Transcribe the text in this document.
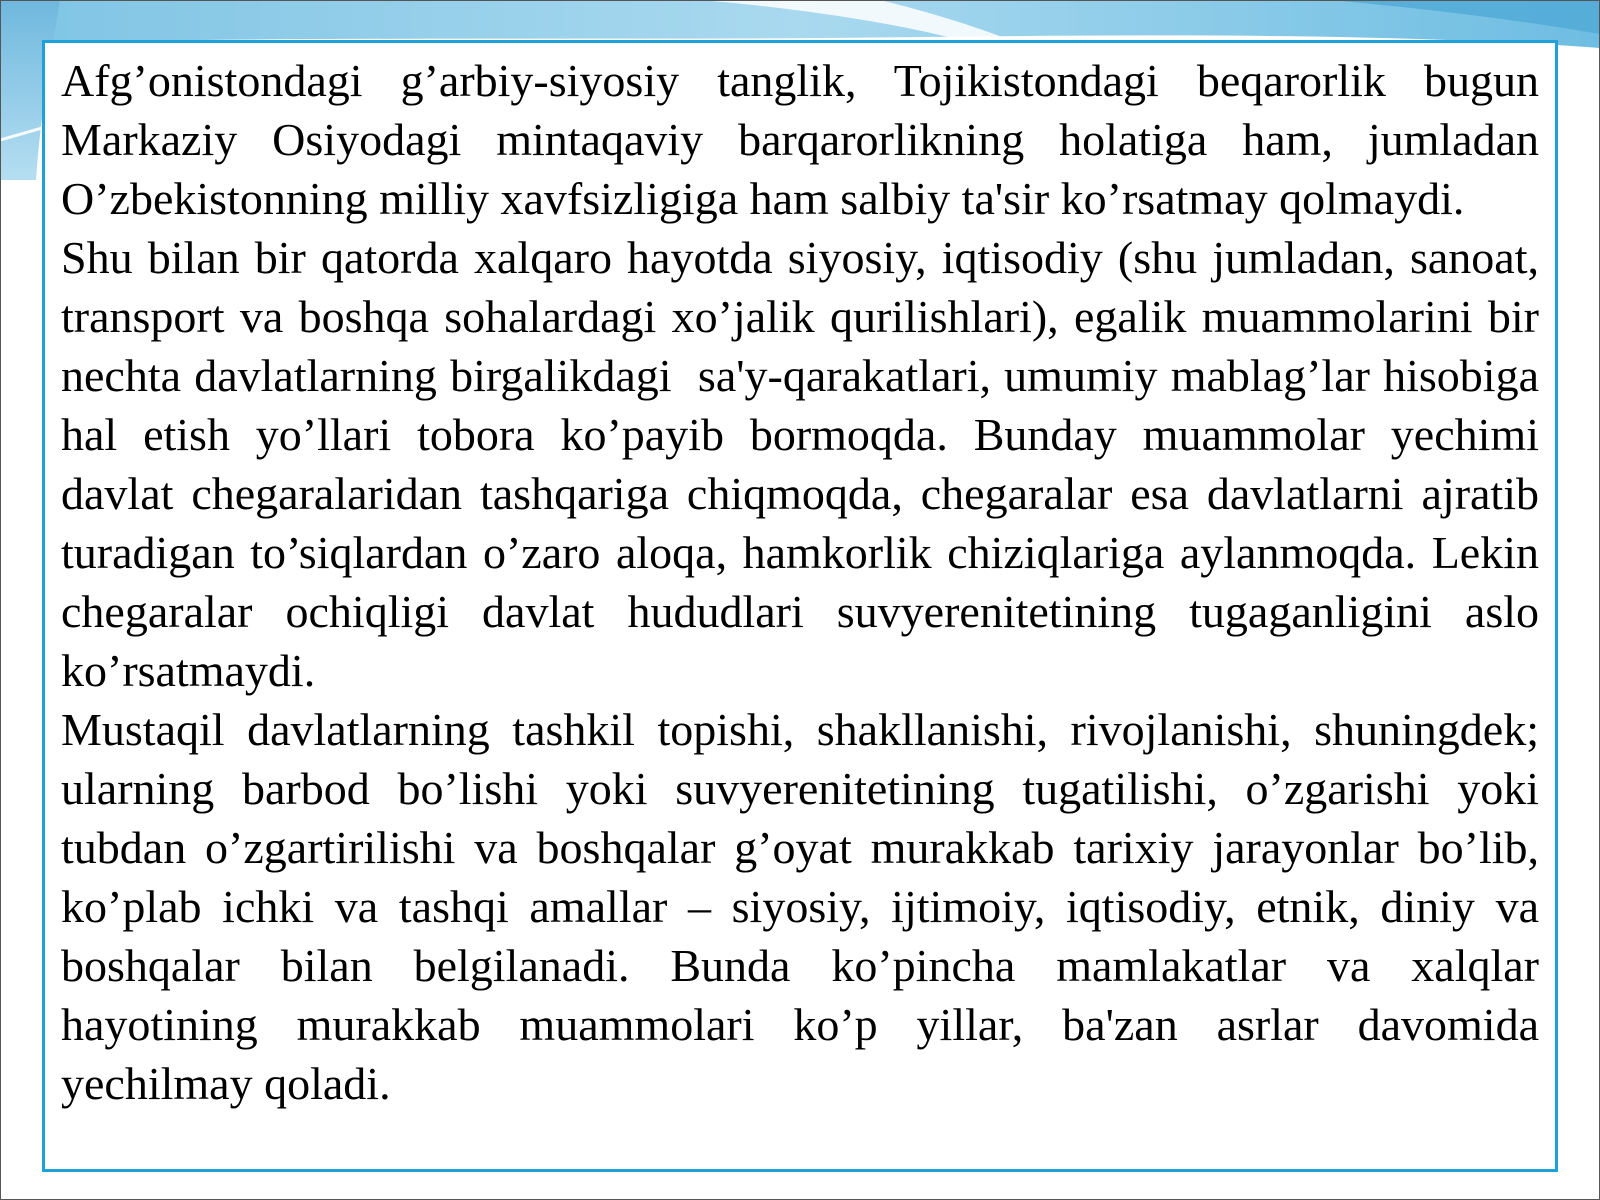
Afg’onistondagi g’arbiy-siyosiy tanglik, Tojikistondagi beqarorlik bugun Markaziy Osiyodagi mintaqaviy barqarorlikning holatiga ham, jumladan O’zbekistonning milliy xavfsizligiga ham salbiy ta'sir ko’rsatmay qolmaydi.

Shu bilan bir qatorda xalqaro hayotda siyosiy, iqtisodiy (shu jumladan, sanoat, transport va boshqa sohalardagi xo’jalik qurilishlari), egalik muammolarini bir nechta davlatlarning birgalikdagi  sa'y-qarakatlari, umumiy mablag’lar hisobiga hal etish yo’llari tobora ko’payib bormoqda. Bunday muammolar yechimi davlat chegaralaridan tashqariga chiqmoqda, chegaralar esa davlatlarni ajratib turadigan to’siqlardan o’zaro aloqa, hamkorlik chiziqlariga aylanmoqda. Lekin chegaralar ochiqligi davlat hududlari suvyerenitetining tugaganligini aslo ko’rsatmaydi.

Mustaqil davlatlarning tashkil topishi, shakllanishi, rivojlanishi, shuningdek; ularning barbod bo’lishi yoki suvyerenitetining tugatilishi, o’zgarishi yoki tubdan o’zgartirilishi va boshqalar g’oyat murakkab tarixiy jarayonlar bo’lib, ko’plab ichki va tashqi amallar – siyosiy, ijtimoiy, iqtisodiy, etnik, diniy va boshqalar bilan belgilanadi. Bunda ko’pincha mamlakatlar va xalqlar hayotining murakkab muammolari ko’p yillar, ba'zan asrlar davomida yechilmay qoladi.
